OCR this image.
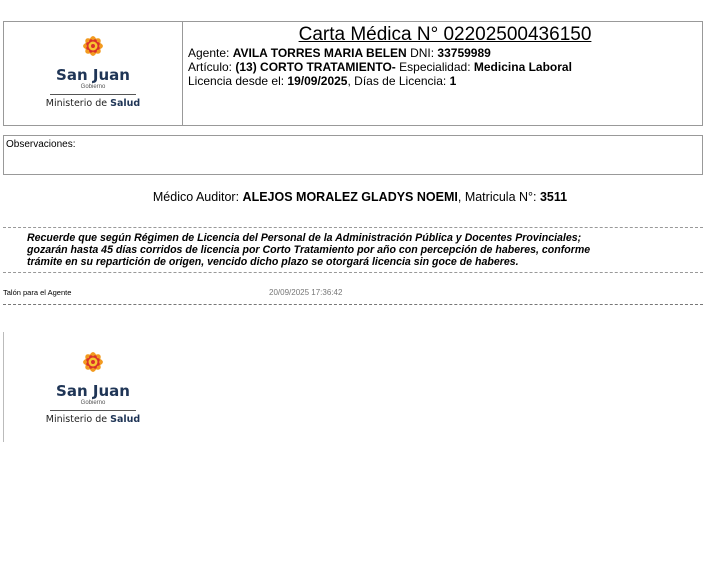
San Juan
Gobierno
Ministerio de Salud
Carta Médica N° 02202500436150
Agente: AVILA TORRES MARIA BELEN DNI: 33759989
Artículo: (13) CORTO TRATAMIENTO- Especialidad: Medicina Laboral
Licencia desde el: 19/09/2025, Días de Licencia: 1
Observaciones:
Médico Auditor: ALEJOS MORALEZ GLADYS NOEMI, Matricula N°: 3511
Recuerde que según Régimen de Licencia del Personal de la Administración Pública y Docentes Provinciales;
gozarán hasta 45 días corridos de licencia por Corto Tratamiento por año con percepción de haberes, conforme
trámite en su repartición de origen, vencido dicho plazo se otorgará licencia sin goce de haberes.
Talón para el Agente	20/09/2025 17:36:42
San Juan
Gobierno
Ministerio de Salud
